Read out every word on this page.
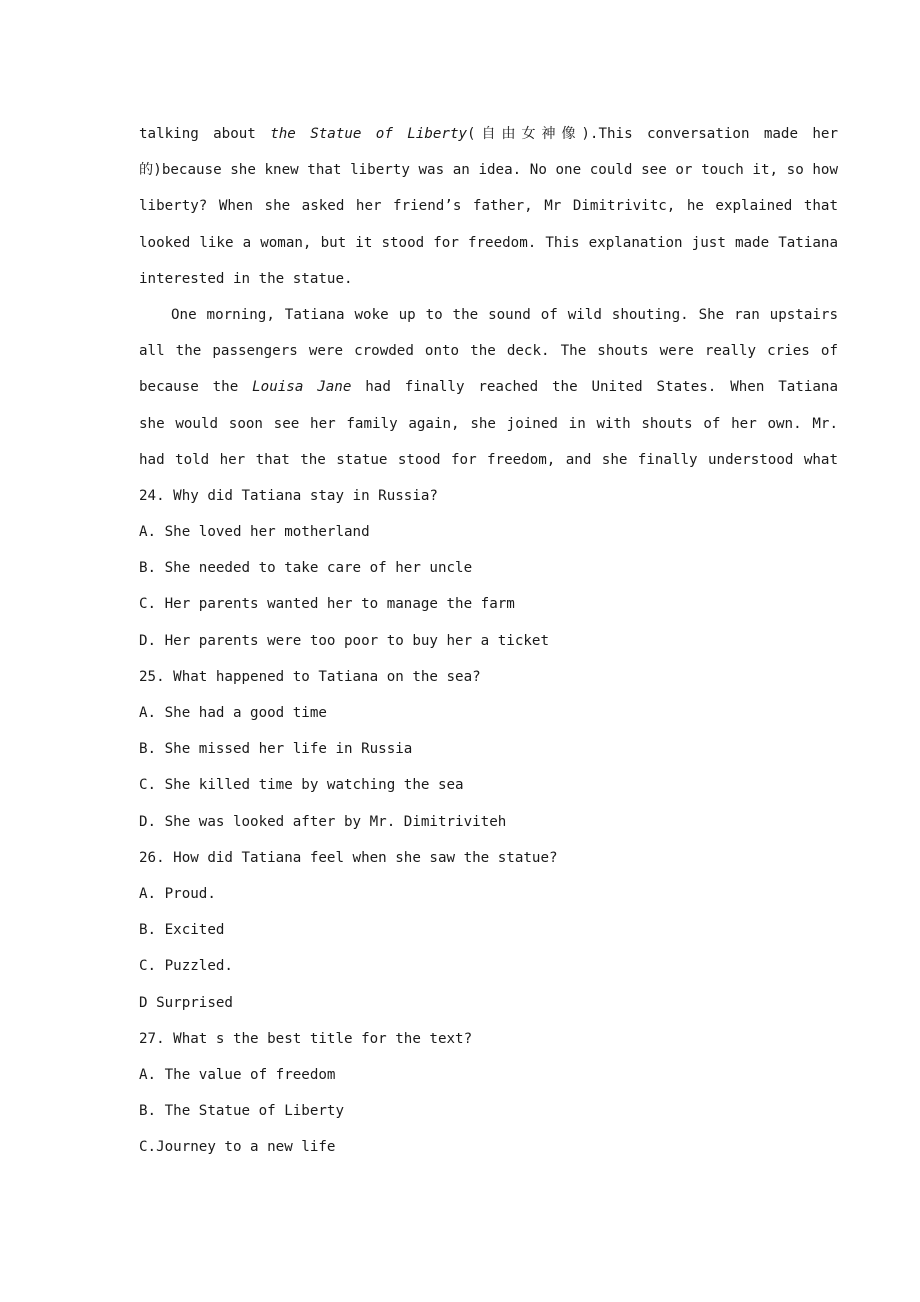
talking about the Statue of Liberty(自由女神像).This conversation made her
的)because she knew that liberty was an idea. No one could see or touch it, so how
liberty? When she asked her friend’s father, Mr Dimitrivitc, he explained that
looked like a woman, but it stood for freedom. This explanation just made Tatiana
interested in the statue.
One morning, Tatiana woke up to the sound of wild shouting. She ran upstairs
all the passengers were crowded onto the deck. The shouts were really cries of
because the Louisa Jane had finally reached the United States. When Tatiana
she would soon see her family again, she joined in with shouts of her own. Mr.
had told her that the statue stood for freedom, and she finally understood what
24. Why did Tatiana stay in Russia?
A. She loved her motherland
B. She needed to take care of her uncle
C. Her parents wanted her to manage the farm
D. Her parents were too poor to buy her a ticket
25. What happened to Tatiana on the sea?
A. She had a good time
B. She missed her life in Russia
C. She killed time by watching the sea
D. She was looked after by Mr. Dimitriviteh
26. How did Tatiana feel when she saw the statue?
A. Proud.
B. Excited
C. Puzzled.
D Surprised
27. What s the best title for the text?
A. The value of freedom
B. The Statue of Liberty
C.Journey to a new life
